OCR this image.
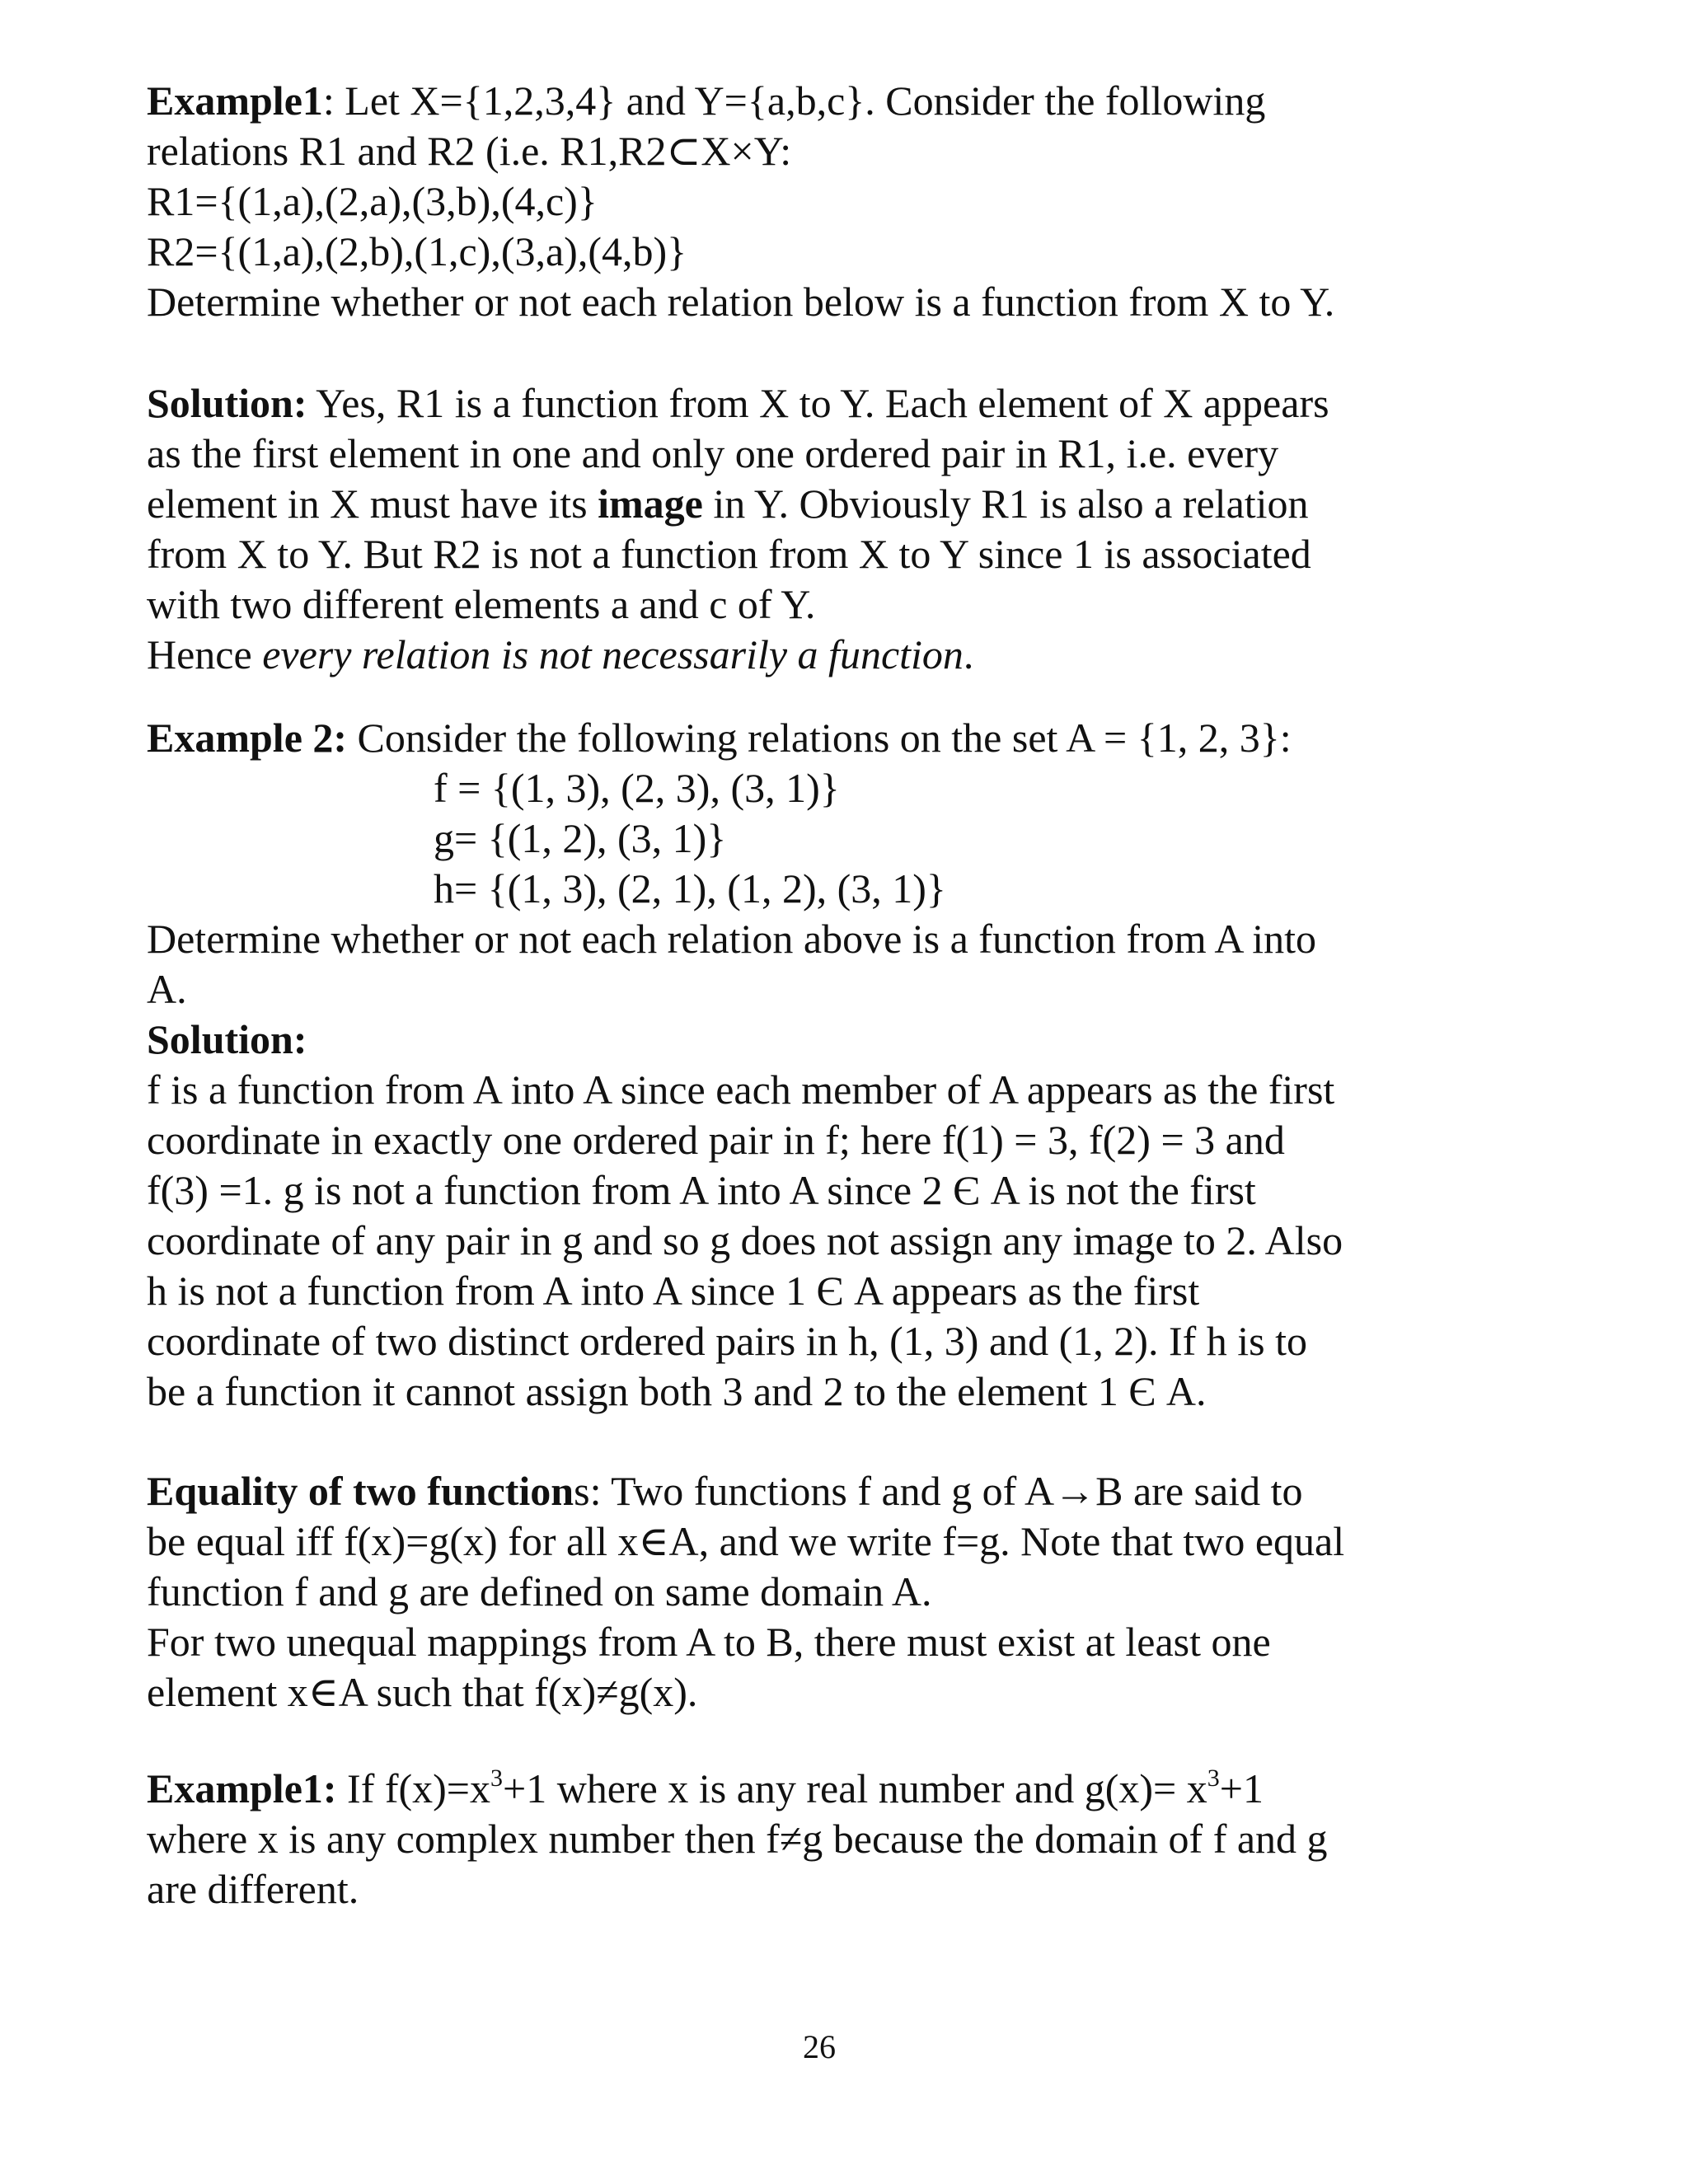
Example1: Let X={1,2,3,4} and Y={a,b,c}. Consider the following
relations R1 and R2 (i.e. R1,R2⊂X×Y:
R1={(1,a),(2,a),(3,b),(4,c)}
R2={(1,a),(2,b),(1,c),(3,a),(4,b)}
Determine whether or not each relation below is a function from X to Y.
Solution: Yes, R1 is a function from X to Y. Each element of X appears
as the first element in one and only one ordered pair in R1, i.e. every
element in X must have its image in Y. Obviously R1 is also a relation
from X to Y. But R2 is not a function from X to Y since 1 is associated
with two different elements a and c of Y.
Hence every relation is not necessarily a function.
Example 2: Consider the following relations on the set A = {1, 2, 3}:
f = {(1, 3), (2, 3), (3, 1)}
g= {(1, 2), (3, 1)}
h= {(1, 3), (2, 1), (1, 2), (3, 1)}
Determine whether or not each relation above is a function from A into
A.
Solution:
f is a function from A into A since each member of A appears as the first
coordinate in exactly one ordered pair in f; here f(1) = 3, f(2) = 3 and
f(3) =1. g is not a function from A into A since 2 Є A is not the first
coordinate of any pair in g and so g does not assign any image to 2. Also
h is not a function from A into A since 1 Є A appears as the first
coordinate of two distinct ordered pairs in h, (1, 3) and (1, 2). If h is to
be a function it cannot assign both 3 and 2 to the element 1 Є A.
Equality of two functions: Two functions f and g of A→B are said to
be equal iff f(x)=g(x) for all x∈A, and we write f=g. Note that two equal
function f and g are defined on same domain A.
For two unequal mappings from A to B, there must exist at least one
element x∈A such that f(x)≠g(x).
Example1: If $f(x)=x^3+1$ where x is any real number and $g(x)= x^3+1$
where x is any complex number then f≠g because the domain of f and g
are different.
26
